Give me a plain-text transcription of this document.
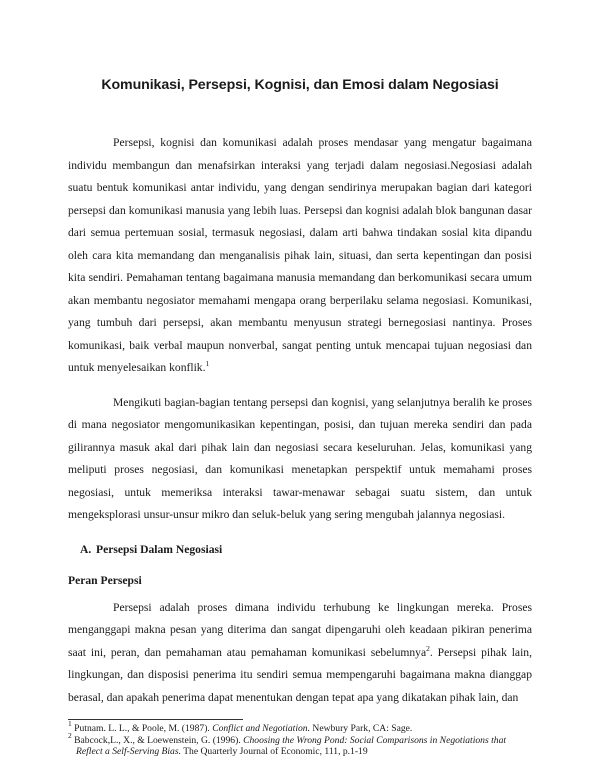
Komunikasi, Persepsi, Kognisi, dan Emosi dalam Negosiasi

Persepsi, kognisi dan komunikasi adalah proses mendasar yang mengatur bagaimana individu membangun dan menafsirkan interaksi yang terjadi dalam negosiasi.Negosiasi adalah suatu bentuk komunikasi antar individu, yang dengan sendirinya merupakan bagian dari kategori persepsi dan komunikasi manusia yang lebih luas. Persepsi dan kognisi adalah blok bangunan dasar dari semua pertemuan sosial, termasuk negosiasi, dalam arti bahwa tindakan sosial kita dipandu oleh cara kita memandang dan menganalisis pihak lain, situasi, dan serta kepentingan dan posisi kita sendiri. Pemahaman tentang bagaimana manusia memandang dan berkomunikasi secara umum akan membantu negosiator memahami mengapa orang berperilaku selama negosiasi. Komunikasi, yang tumbuh dari persepsi, akan membantu menyusun strategi bernegosiasi nantinya. Proses komunikasi, baik verbal maupun nonverbal, sangat penting untuk mencapai tujuan negosiasi dan untuk menyelesaikan konflik.$^1$

Mengikuti bagian-bagian tentang persepsi dan kognisi, yang selanjutnya beralih ke proses di mana negosiator mengomunikasikan kepentingan, posisi, dan tujuan mereka sendiri dan pada gilirannya masuk akal dari pihak lain dan negosiasi secara keseluruhan. Jelas, komunikasi yang meliputi proses negosiasi, dan komunikasi menetapkan perspektif untuk memahami proses negosiasi, untuk memeriksa interaksi tawar-menawar sebagai suatu sistem, dan untuk mengeksplorasi unsur-unsur mikro dan seluk-beluk yang sering mengubah jalannya negosiasi.

A. Persepsi Dalam Negosiasi
Peran Persepsi

Persepsi adalah proses dimana individu terhubung ke lingkungan mereka. Proses menganggapi makna pesan yang diterima dan sangat dipengaruhi oleh keadaan pikiran penerima saat ini, peran, dan pemahaman atau pemahaman komunikasi sebelumnya$^2$. Persepsi pihak lain, lingkungan, dan disposisi penerima itu sendiri semua mempengaruhi bagaimana makna dianggap berasal, dan apakah penerima dapat menentukan dengan tepat apa yang dikatakan pihak lain, dan

$^1$ Putnam. L. L., & Poole, M. (1987). Conflict and Negotiation. Newbury Park, CA: Sage.

$^2$ Babcock,L., X., & Loewenstein, G. (1996). Choosing the Wrong Pond: Social Comparisons in Negotiations that

Reflect a Self-Serving Bias. The Quarterly Journal of Economic, 111, p.1-19
